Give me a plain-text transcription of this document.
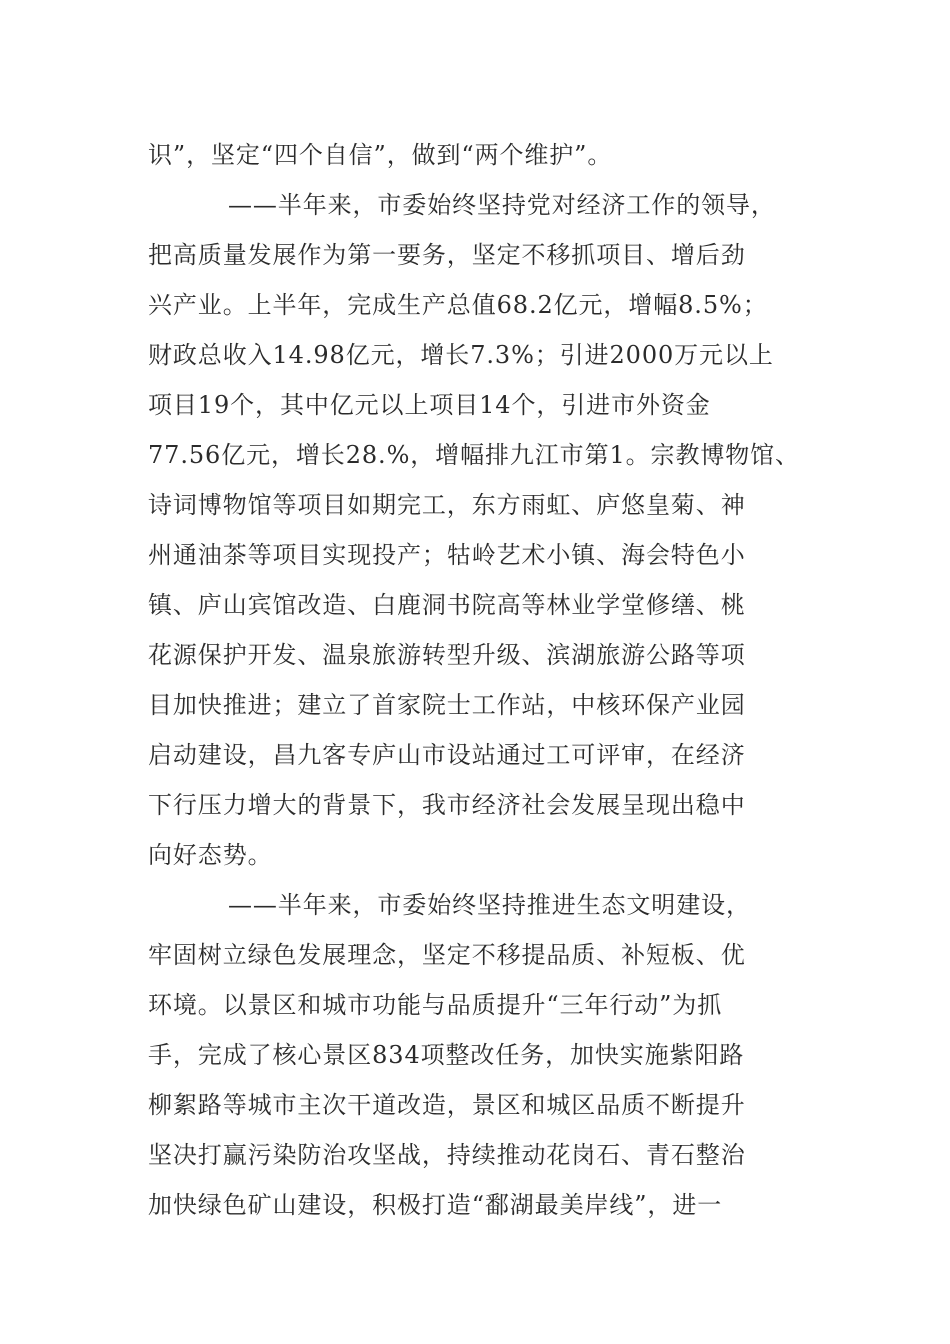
识”，坚定“四个自信”，做到“两个维护”。
——半年来，市委始终坚持党对经济工作的领导，
把高质量发展作为第一要务，坚定不移抓项目、增后劲
兴产业。上半年，完成生产总值68.2亿元，增幅8.5%；
财政总收入14.98亿元，增长7.3%；引进2000万元以上
项目19个，其中亿元以上项目14个，引进市外资金
77.56亿元，增长28.%，增幅排九江市第1。宗教博物馆、
诗词博物馆等项目如期完工，东方雨虹、庐悠皇菊、神
州通油茶等项目实现投产；牯岭艺术小镇、海会特色小
镇、庐山宾馆改造、白鹿洞书院高等林业学堂修缮、桃
花源保护开发、温泉旅游转型升级、滨湖旅游公路等项
目加快推进；建立了首家院士工作站，中核环保产业园
启动建设，昌九客专庐山市设站通过工可评审，在经济
下行压力增大的背景下，我市经济社会发展呈现出稳中
向好态势。
——半年来，市委始终坚持推进生态文明建设，
牢固树立绿色发展理念，坚定不移提品质、补短板、优
环境。以景区和城市功能与品质提升“三年行动”为抓
手，完成了核心景区834项整改任务，加快实施紫阳路
柳絮路等城市主次干道改造，景区和城区品质不断提升
坚决打赢污染防治攻坚战，持续推动花岗石、青石整治
加快绿色矿山建设，积极打造“鄱湖最美岸线”，进一
